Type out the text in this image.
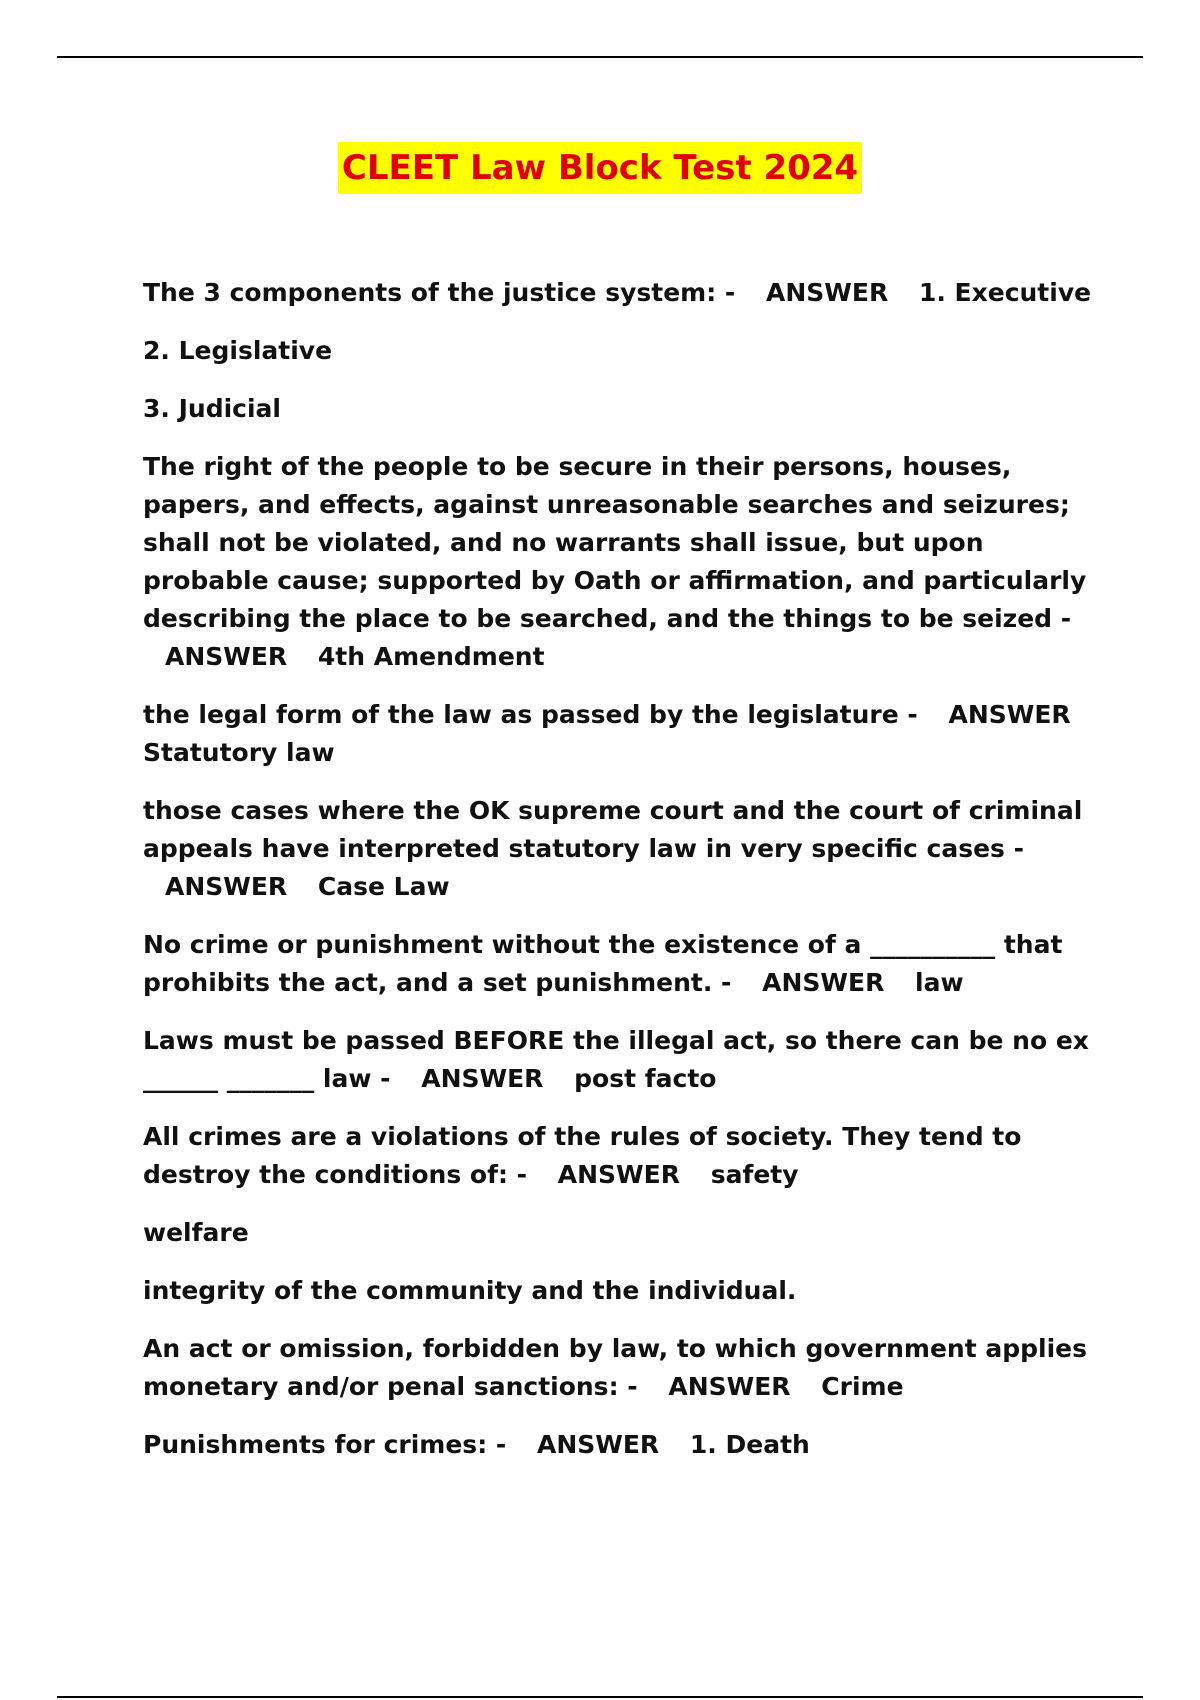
CLEET Law Block Test 2024

The 3 components of the justice system: - ANSWER 1. Executive

2. Legislative

3. Judicial

The right of the people to be secure in their persons, houses, papers, and effects, against unreasonable searches and seizures; shall not be violated, and no warrants shall issue, but upon probable cause; supported by Oath or affirmation, and particularly describing the place to be searched, and the things to be seized - ANSWER 4th Amendment

the legal form of the law as passed by the legislature - ANSWER Statutory law

those cases where the OK supreme court and the court of criminal appeals have interpreted statutory law in very specific cases - ANSWER Case Law

No crime or punishment without the existence of a __________ that prohibits the act, and a set punishment. - ANSWER law

Laws must be passed BEFORE the illegal act, so there can be no ex ______ _______ law - ANSWER post facto

All crimes are a violations of the rules of society. They tend to destroy the conditions of: - ANSWER safety

welfare

integrity of the community and the individual.

An act or omission, forbidden by law, to which government applies monetary and/or penal sanctions: - ANSWER Crime

Punishments for crimes: - ANSWER 1. Death
